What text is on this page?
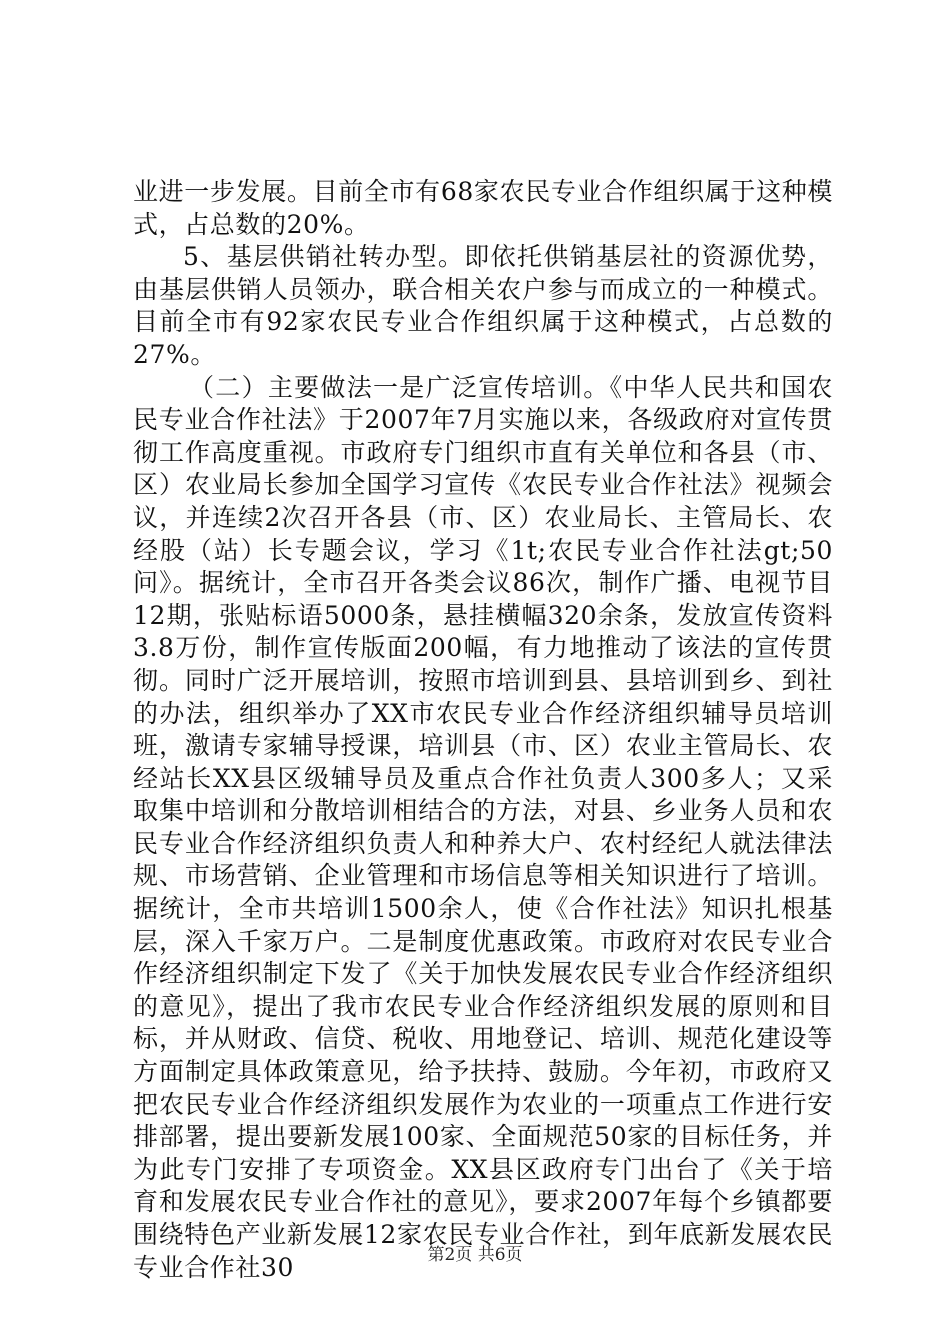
业进一步发展。目前全市有68家农民专业合作组织属于这种模式，占总数的20%。

5、基层供销社转办型。即依托供销基层社的资源优势，由基层供销人员领办，联合相关农户参与而成立的一种模式。目前全市有92家农民专业合作组织属于这种模式，占总数的27%。

（二）主要做法一是广泛宣传培训。《中华人民共和国农民专业合作社法》于2007年7月实施以来，各级政府对宣传贯彻工作高度重视。市政府专门组织市直有关单位和各县（市、区）农业局长参加全国学习宣传《农民专业合作社法》视频会议，并连续2次召开各县（市、区）农业局长、主管局长、农经股（站）长专题会议，学习《1t;农民专业合作社法gt;50问》。据统计，全市召开各类会议86次，制作广播、电视节目12期，张贴标语5000条，悬挂横幅320余条，发放宣传资料3.8万份，制作宣传版面200幅，有力地推动了该法的宣传贯彻。同时广泛开展培训，按照市培训到县、县培训到乡、到社的办法，组织举办了XX市农民专业合作经济组织辅导员培训班，激请专家辅导授课，培训县（市、区）农业主管局长、农经站长XX县区级辅导员及重点合作社负责人300多人；又采取集中培训和分散培训相结合的方法，对县、乡业务人员和农民专业合作经济组织负责人和种养大户、农村经纪人就法律法规、市场营销、企业管理和市场信息等相关知识进行了培训。据统计，全市共培训1500余人，使《合作社法》知识扎根基层，深入千家万户。二是制度优惠政策。市政府对农民专业合作经济组织制定下发了《关于加快发展农民专业合作经济组织的意见》，提出了我市农民专业合作经济组织发展的原则和目标，并从财政、信贷、税收、用地登记、培训、规范化建设等方面制定具体政策意见，给予扶持、鼓励。今年初，市政府又把农民专业合作经济组织发展作为农业的一项重点工作进行安排部署，提出要新发展100家、全面规范50家的目标任务，并为此专门安排了专项资金。XX县区政府专门出台了《关于培育和发展农民专业合作社的意见》，要求2007年每个乡镇都要围绕特色产业新发展12家农民专业合作社，到年底新发展农民专业合作社30	第2页 共6页
